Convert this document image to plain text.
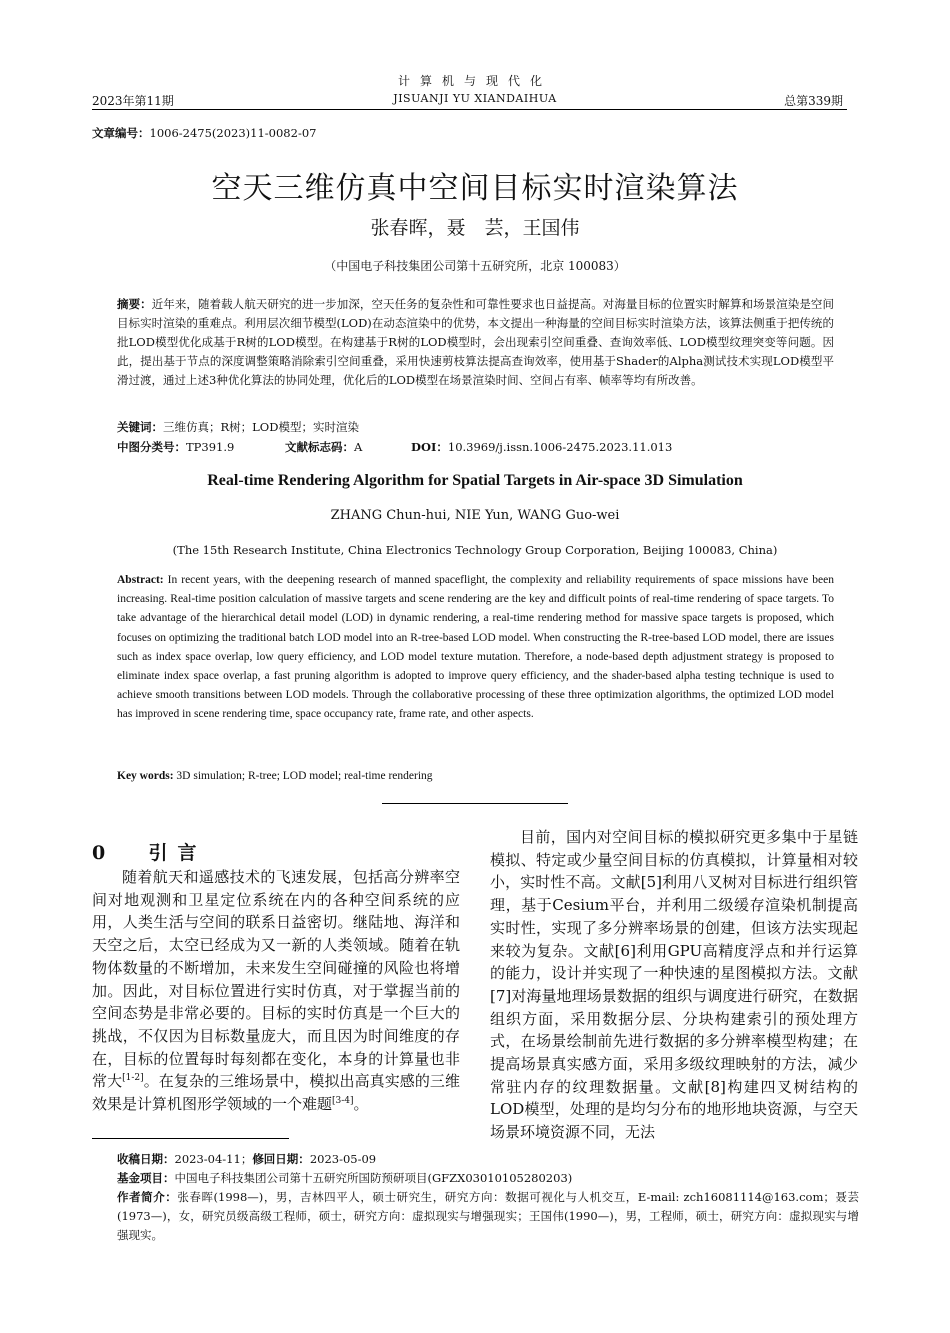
计算机与现代化
2023年第11期	JISUANJI YU XIANDAIHUA	总第339期
文章编号：1006-2475(2023)11-0082-07
空天三维仿真中空间目标实时渲染算法
张春晖，聂　芸，王国伟
（中国电子科技集团公司第十五研究所，北京 100083）
摘要：近年来，随着载人航天研究的进一步加深，空天任务的复杂性和可靠性要求也日益提高。对海量目标的位置实时解算和场景渲染是空间目标实时渲染的重难点。利用层次细节模型(LOD)在动态渲染中的优势，本文提出一种海量的空间目标实时渲染方法，该算法侧重于把传统的批LOD模型优化成基于R树的LOD模型。在构建基于R树的LOD模型时，会出现索引空间重叠、查询效率低、LOD模型纹理突变等问题。因此，提出基于节点的深度调整策略消除索引空间重叠，采用快速剪枝算法提高查询效率，使用基于Shader的Alpha测试技术实现LOD模型平滑过渡，通过上述3种优化算法的协同处理，优化后的LOD模型在场景渲染时间、空间占有率、帧率等均有所改善。
关键词：三维仿真；R树；LOD模型；实时渲染
中图分类号：TP391.9	文献标志码：A	DOI：10.3969/j.issn.1006-2475.2023.11.013
Real-time Rendering Algorithm for Spatial Targets in Air-space 3D Simulation
ZHANG Chun-hui, NIE Yun, WANG Guo-wei
(The 15th Research Institute, China Electronics Technology Group Corporation, Beijing 100083, China)
Abstract: In recent years, with the deepening research of manned spaceflight, the complexity and reliability requirements of space missions have been increasing. Real-time position calculation of massive targets and scene rendering are the key and difficult points of real-time rendering of space targets. To take advantage of the hierarchical detail model (LOD) in dynamic rendering, a real-time rendering method for massive space targets is proposed, which focuses on optimizing the traditional batch LOD model into an R-tree-based LOD model. When constructing the R-tree-based LOD model, there are issues such as index space overlap, low query efficiency, and LOD model texture mutation. Therefore, a node-based depth adjustment strategy is proposed to eliminate index space overlap, a fast pruning algorithm is adopted to improve query efficiency, and the shader-based alpha testing technique is used to achieve smooth transitions between LOD models. Through the collaborative processing of these three optimization algorithms, the optimized LOD model has improved in scene rendering time, space occupancy rate, frame rate, and other aspects.
Key words: 3D simulation; R-tree; LOD model; real-time rendering
0 引言
随着航天和遥感技术的飞速发展，包括高分辨率空间对地观测和卫星定位系统在内的各种空间系统的应用，人类生活与空间的联系日益密切。继陆地、海洋和天空之后，太空已经成为又一新的人类领域。随着在轨物体数量的不断增加，未来发生空间碰撞的风险也将增加。因此，对目标位置进行实时仿真，对于掌握当前的空间态势是非常必要的。目标的实时仿真是一个巨大的挑战，不仅因为目标数量庞大，而且因为时间维度的存在，目标的位置每时每刻都在变化，本身的计算量也非常大[1-2]。在复杂的三维场景中，模拟出高真实感的三维效果是计算机图形学领域的一个难题[3-4]。
目前，国内对空间目标的模拟研究更多集中于星链模拟、特定或少量空间目标的仿真模拟，计算量相对较小，实时性不高。文献[5]利用八叉树对目标进行组织管理，基于Cesium平台，并利用二级缓存渲染机制提高实时性，实现了多分辨率场景的创建，但该方法实现起来较为复杂。文献[6]利用GPU高精度浮点和并行运算的能力，设计并实现了一种快速的星图模拟方法。文献[7]对海量地理场景数据的组织与调度进行研究，在数据组织方面，采用数据分层、分块构建索引的预处理方式，在场景绘制前先进行数据的多分辨率模型构建；在提高场景真实感方面，采用多级纹理映射的方法，减少常驻内存的纹理数据量。文献[8]构建四叉树结构的LOD模型，处理的是均匀分布的地形地块资源，与空天场景环境资源不同，无法
收稿日期：2023-04-11；修回日期：2023-05-09
基金项目：中国电子科技集团公司第十五研究所国防预研项目(GFZX03010105280203)
作者简介：张春晖(1998—)，男，吉林四平人，硕士研究生，研究方向：数据可视化与人机交互，E-mail: zch16081114@163.com；聂芸(1973—)，女，研究员级高级工程师，硕士，研究方向：虚拟现实与增强现实；王国伟(1990—)，男，工程师，硕士，研究方向：虚拟现实与增强现实。
